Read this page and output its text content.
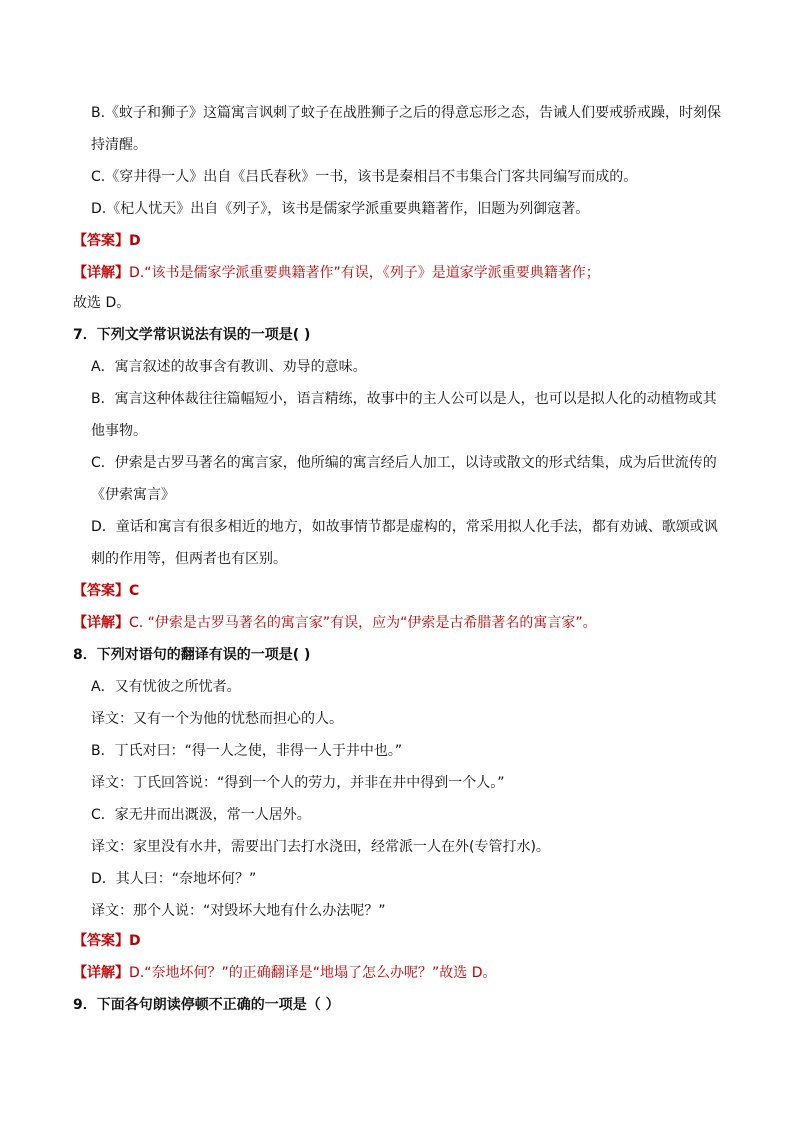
B.《蚊子和狮子》这篇寓言讽刺了蚊子在战胜狮子之后的得意忘形之态，告诫人们要戒骄戒躁，时刻保
持清醒。
C.《穿井得一人》出自《吕氏春秋》一书，该书是秦相吕不韦集合门客共同编写而成的。
D.《杞人忧天》出自《列子》，该书是儒家学派重要典籍著作，旧题为列御寇著。
【答案】D
【详解】D.“该书是儒家学派重要典籍著作”有误，《列子》是道家学派重要典籍著作；
故选 D。
7．下列文学常识说法有误的一项是( )
A．寓言叙述的故事含有教训、劝导的意味。
B．寓言这种体裁往往篇幅短小，语言精练，故事中的主人公可以是人，也可以是拟人化的动植物或其
他事物。
C．伊索是古罗马著名的寓言家，他所编的寓言经后人加工，以诗或散文的形式结集，成为后世流传的
《伊索寓言》
D．童话和寓言有很多相近的地方，如故事情节都是虚构的，常采用拟人化手法，都有劝诫、歌颂或讽
刺的作用等，但两者也有区别。
【答案】C
【详解】C. “伊索是古罗马著名的寓言家”有误，应为“伊索是古希腊著名的寓言家”。
8．下列对语句的翻译有误的一项是( )
A．又有忧彼之所忧者。
译文：又有一个为他的忧愁而担心的人。
B．丁氏对曰：“得一人之使，非得一人于井中也。”
译文：丁氏回答说：“得到一个人的劳力，并非在井中得到一个人。”
C．家无井而出溉汲，常一人居外。
译文：家里没有水井，需要出门去打水浇田，经常派一人在外(专管打水)。
D．其人曰：“奈地坏何？”
译文：那个人说：“对毁坏大地有什么办法呢？”
【答案】D
【详解】D.“奈地坏何？”的正确翻译是“地塌了怎么办呢？”故选 D。
9．下面各句朗读停顿不正确的一项是（ ）
